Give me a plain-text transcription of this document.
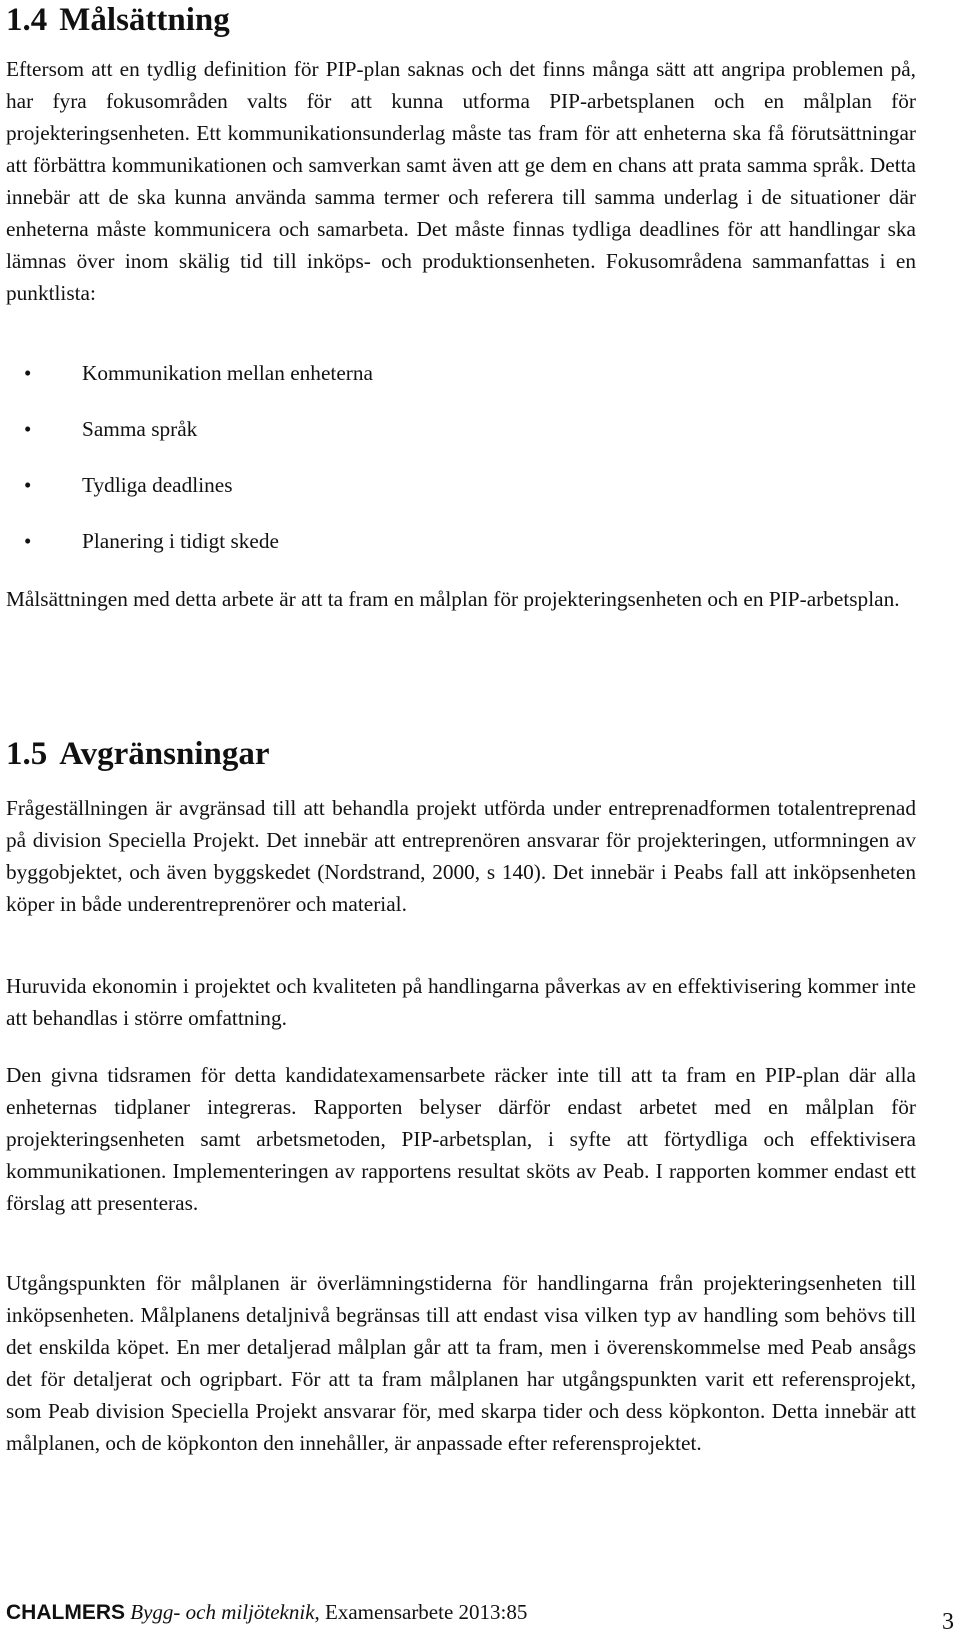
1.4 Målsättning

Eftersom att en tydlig definition för PIP-plan saknas och det finns många sätt att angripa problemen på, har fyra fokusområden valts för att kunna utforma PIP-arbetsplanen och en målplan för projekteringsenheten. Ett kommunikationsunderlag måste tas fram för att enheterna ska få förutsättningar att förbättra kommunikationen och samverkan samt även att ge dem en chans att prata samma språk. Detta innebär att de ska kunna använda samma termer och referera till samma underlag i de situationer där enheterna måste kommunicera och samarbeta. Det måste finnas tydliga deadlines för att handlingar ska lämnas över inom skälig tid till inköps- och produktionsenheten. Fokusområdena sammanfattas i en punktlista:

• Kommunikation mellan enheterna
• Samma språk
• Tydliga deadlines
• Planering i tidigt skede

Målsättningen med detta arbete är att ta fram en målplan för projekteringsenheten och en PIP-arbetsplan.

1.5 Avgränsningar

Frågeställningen är avgränsad till att behandla projekt utförda under entreprenadformen totalentreprenad på division Speciella Projekt. Det innebär att entreprenören ansvarar för projekteringen, utformningen av byggobjektet, och även byggskedet (Nordstrand, 2000, s 140). Det innebär i Peabs fall att inköpsenheten köper in både underentreprenörer och material.

Huruvida ekonomin i projektet och kvaliteten på handlingarna påverkas av en effektivisering kommer inte att behandlas i större omfattning.

Den givna tidsramen för detta kandidatexamensarbete räcker inte till att ta fram en PIP-plan där alla enheternas tidplaner integreras. Rapporten belyser därför endast arbetet med en målplan för projekteringsenheten samt arbetsmetoden, PIP-arbetsplan, i syfte att förtydliga och effektivisera kommunikationen. Implementeringen av rapportens resultat sköts av Peab. I rapporten kommer endast ett förslag att presenteras.

Utgångspunkten för målplanen är överlämningstiderna för handlingarna från projekteringsenheten till inköpsenheten. Målplanens detaljnivå begränsas till att endast visa vilken typ av handling som behövs till det enskilda köpet. En mer detaljerad målplan går att ta fram, men i överenskommelse med Peab ansågs det för detaljerat och ogripbart. För att ta fram målplanen har utgångspunkten varit ett referensprojekt, som Peab division Speciella Projekt ansvarar för, med skarpa tider och dess köpkonton. Detta innebär att målplanen, och de köpkonton den innehåller, är anpassade efter referensprojektet.

CHALMERS Bygg- och miljöteknik, Examensarbete 2013:85	3
